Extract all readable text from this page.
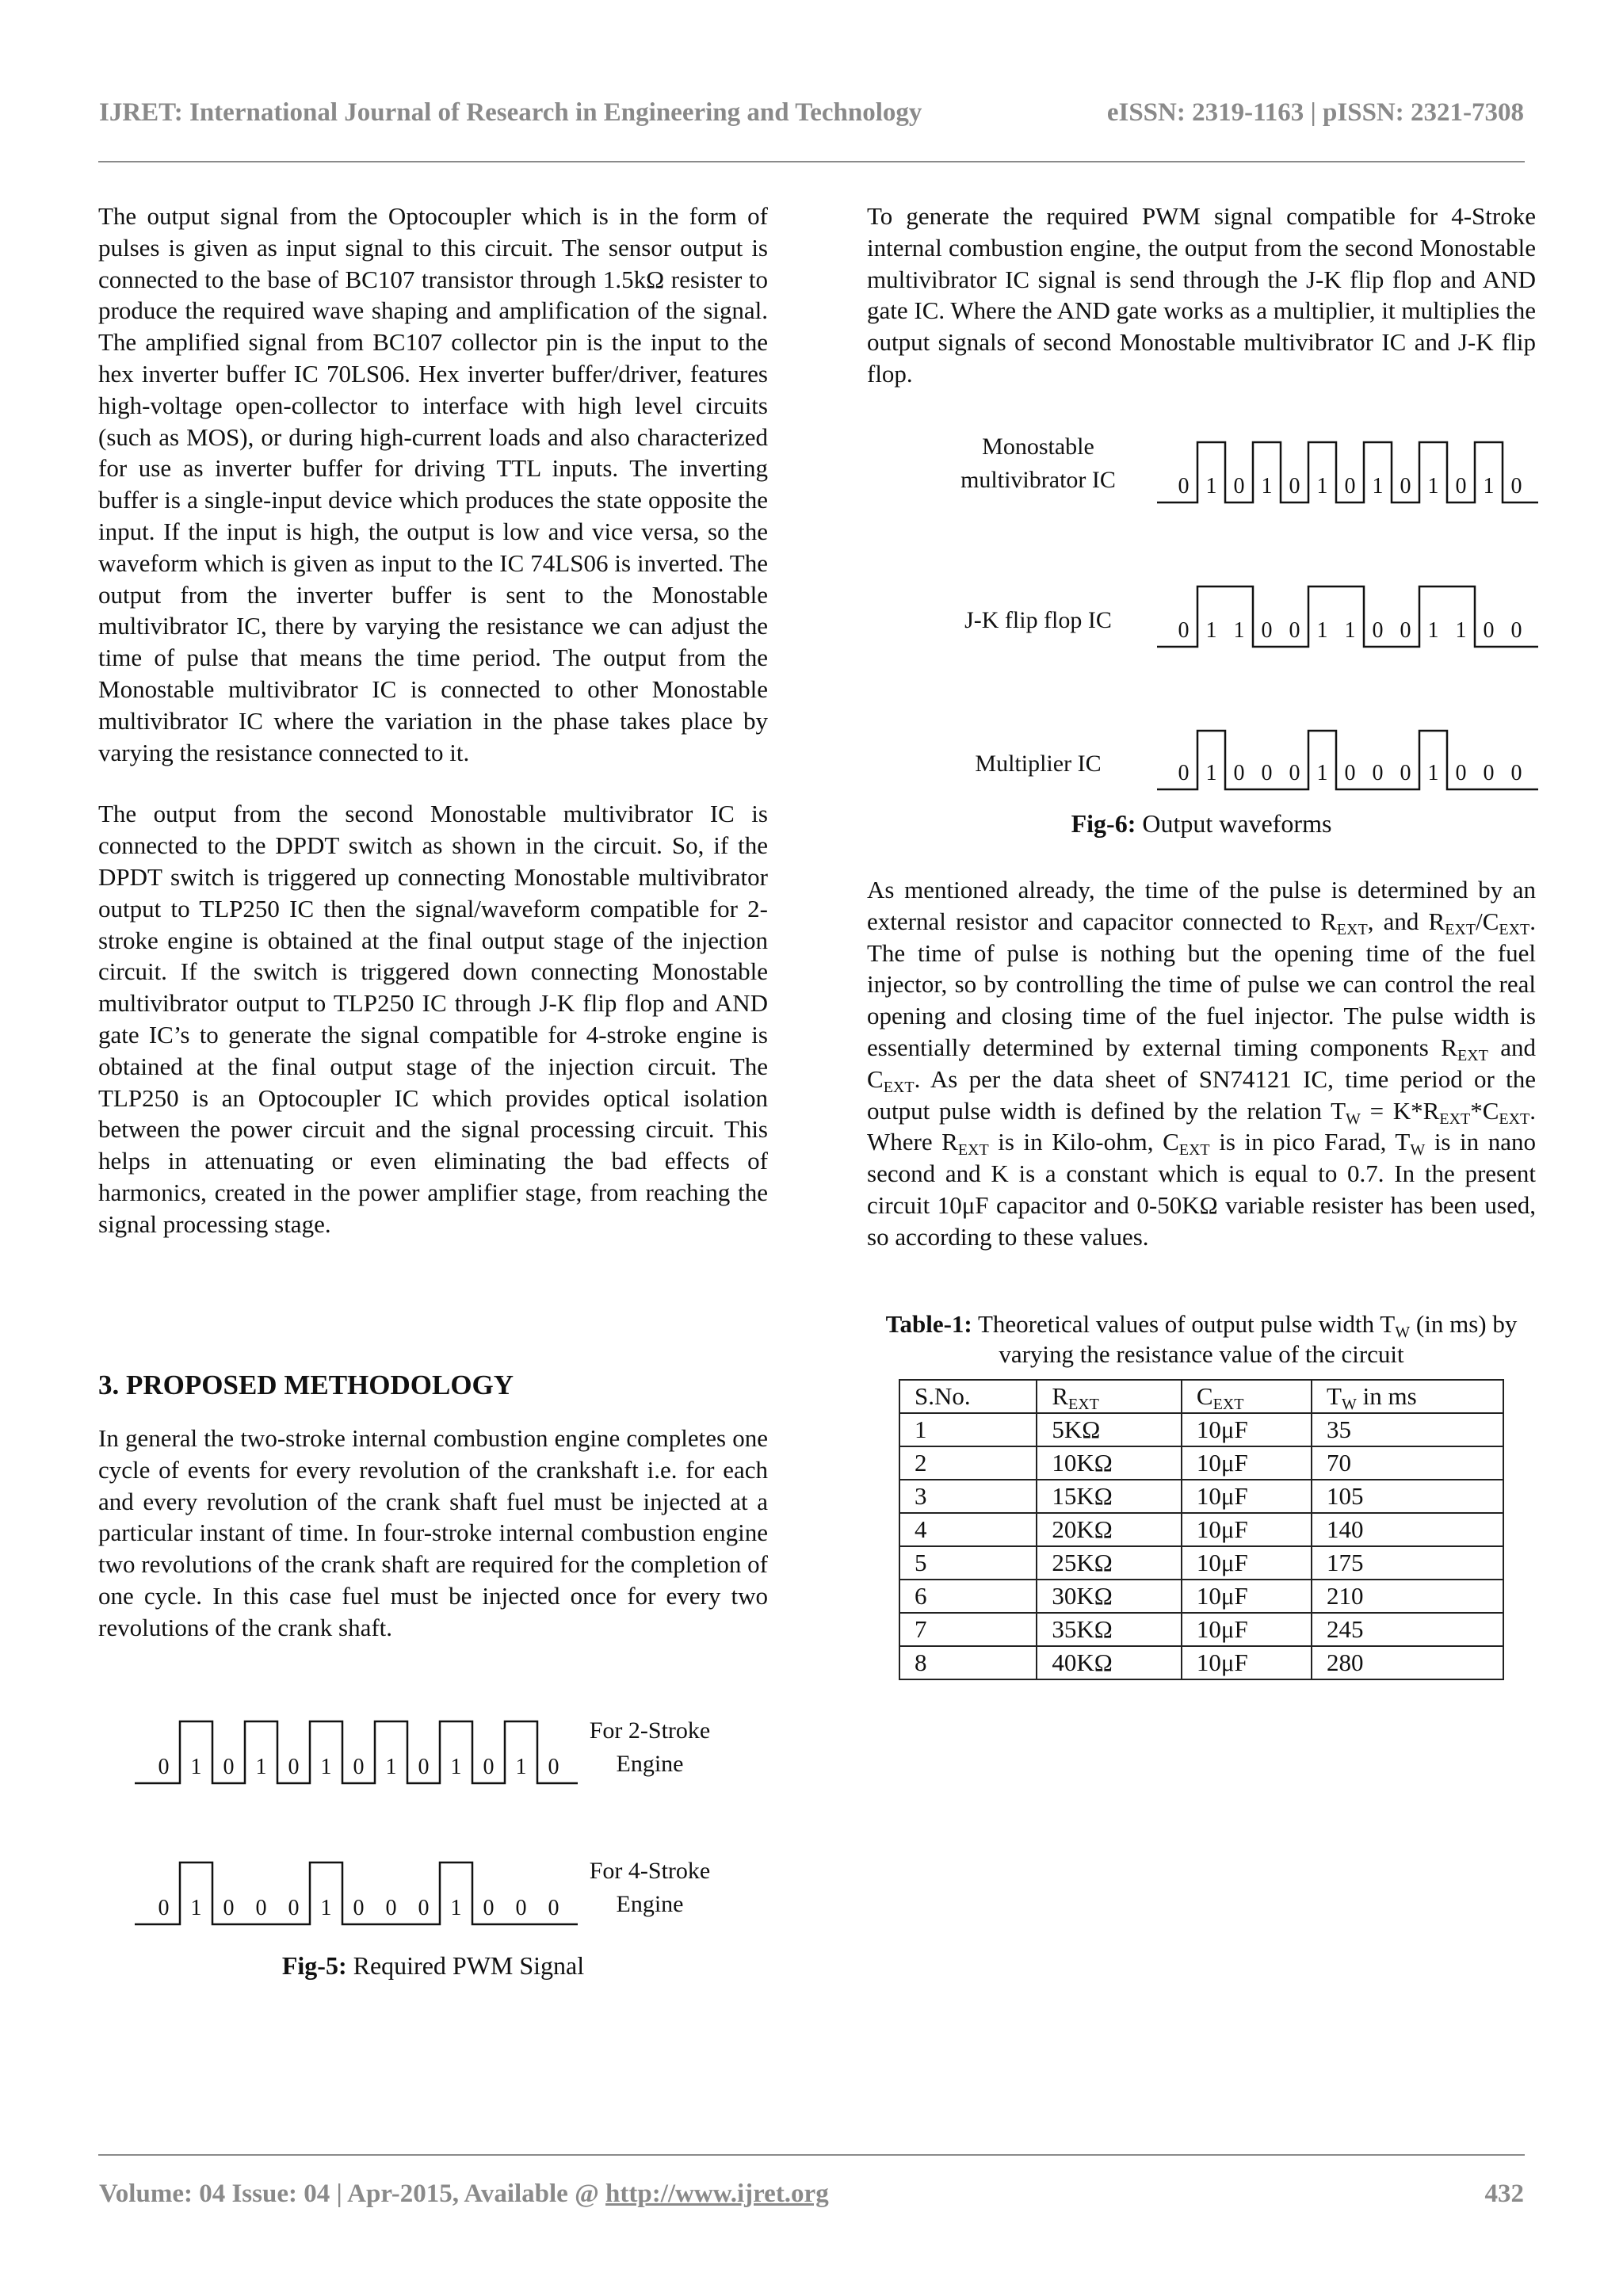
IJRET: International Journal of Research in Engineering and Technology	eISSN: 2319-1163 | pISSN: 2321-7308

The output signal from the Optocoupler which is in the form of pulses is given as input signal to this circuit. The sensor output is connected to the base of BC107 transistor through 1.5kΩ resister to produce the required wave shaping and amplification of the signal. The amplified signal from BC107 collector pin is the input to the hex inverter buffer IC 70LS06. Hex inverter buffer/driver, features high-voltage open-collector to interface with high level circuits (such as MOS), or during high-current loads and also characterized for use as inverter buffer for driving TTL inputs. The inverting buffer is a single-input device which produces the state opposite the input. If the input is high, the output is low and vice versa, so the waveform which is given as input to the IC 74LS06 is inverted. The output from the inverter buffer is sent to the Monostable multivibrator IC, there by varying the resistance we can adjust the time of pulse that means the time period. The output from the Monostable multivibrator IC is connected to other Monostable multivibrator IC where the variation in the phase takes place by varying the resistance connected to it.

The output from the second Monostable multivibrator IC is connected to the DPDT switch as shown in the circuit. So, if the DPDT switch is triggered up connecting Monostable multivibrator output to TLP250 IC then the signal/waveform compatible for 2-stroke engine is obtained at the final output stage of the injection circuit. If the switch is triggered down connecting Monostable multivibrator output to TLP250 IC through J-K flip flop and AND gate IC’s to generate the signal compatible for 4-stroke engine is obtained at the final output stage of the injection circuit. The TLP250 is an Optocoupler IC which provides optical isolation between the power circuit and the signal processing circuit. This helps in attenuating or even eliminating the bad effects of harmonics, created in the power amplifier stage, from reaching the signal processing stage.

3. PROPOSED METHODOLOGY

In general the two-stroke internal combustion engine completes one cycle of events for every revolution of the crankshaft i.e. for each and every revolution of the crank shaft fuel must be injected at a particular instant of time. In four-stroke internal combustion engine two revolutions of the crank shaft are required for the completion of one cycle. In this case fuel must be injected once for every two revolutions of the crank shaft.

0 1 0 1 0 1 0 1 0 1 0 1 0
0 1 0 0 0 1 0 0 0 1 0 0 0
For 2-Stroke
Engine
For 4-Stroke
Engine
Fig-5: Required PWM Signal

To generate the required PWM signal compatible for 4-Stroke internal combustion engine, the output from the second Monostable multivibrator IC signal is send through the J-K flip flop and AND gate IC. Where the AND gate works as a multiplier, it multiplies the output signals of second Monostable multivibrator IC and J-K flip flop.

Monostable
multivibrator IC
J-K flip flop IC
Multiplier IC
0 1 0 1 0 1 0 1 0 1 0 1 0
0 1 1 0 0 1 1 0 0 1 1 0 0
0 1 0 0 0 1 0 0 0 1 0 0 0
Fig-6: Output waveforms

As mentioned already, the time of the pulse is determined by an external resistor and capacitor connected to $R_{EXT}$, and $R_{EXT}/C_{EXT}$. The time of pulse is nothing but the opening time of the fuel injector, so by controlling the time of pulse we can control the real opening and closing time of the fuel injector. The pulse width is essentially determined by external timing components $R_{EXT}$ and $C_{EXT}$. As per the data sheet of SN74121 IC, time period or the output pulse width is defined by the relation $T_W = K*R_{EXT}*C_{EXT}$. Where $R_{EXT}$ is in Kilo-ohm, $C_{EXT}$ is in pico Farad, $T_W$ is in nano second and K is a constant which is equal to 0.7. In the present circuit 10μF capacitor and 0-50KΩ variable resister has been used, so according to these values.

Table-1: Theoretical values of output pulse width $T_W$ (in ms) by varying the resistance value of the circuit
S.No.	$R_{EXT}$	$C_{EXT}$	$T_W$ in ms
1	5KΩ	10μF	35
2	10KΩ	10μF	70
3	15KΩ	10μF	105
4	20KΩ	10μF	140
5	25KΩ	10μF	175
6	30KΩ	10μF	210
7	35KΩ	10μF	245
8	40KΩ	10μF	280
Volume: 04 Issue: 04 | Apr-2015, Available @ http://www.ijret.org	432
